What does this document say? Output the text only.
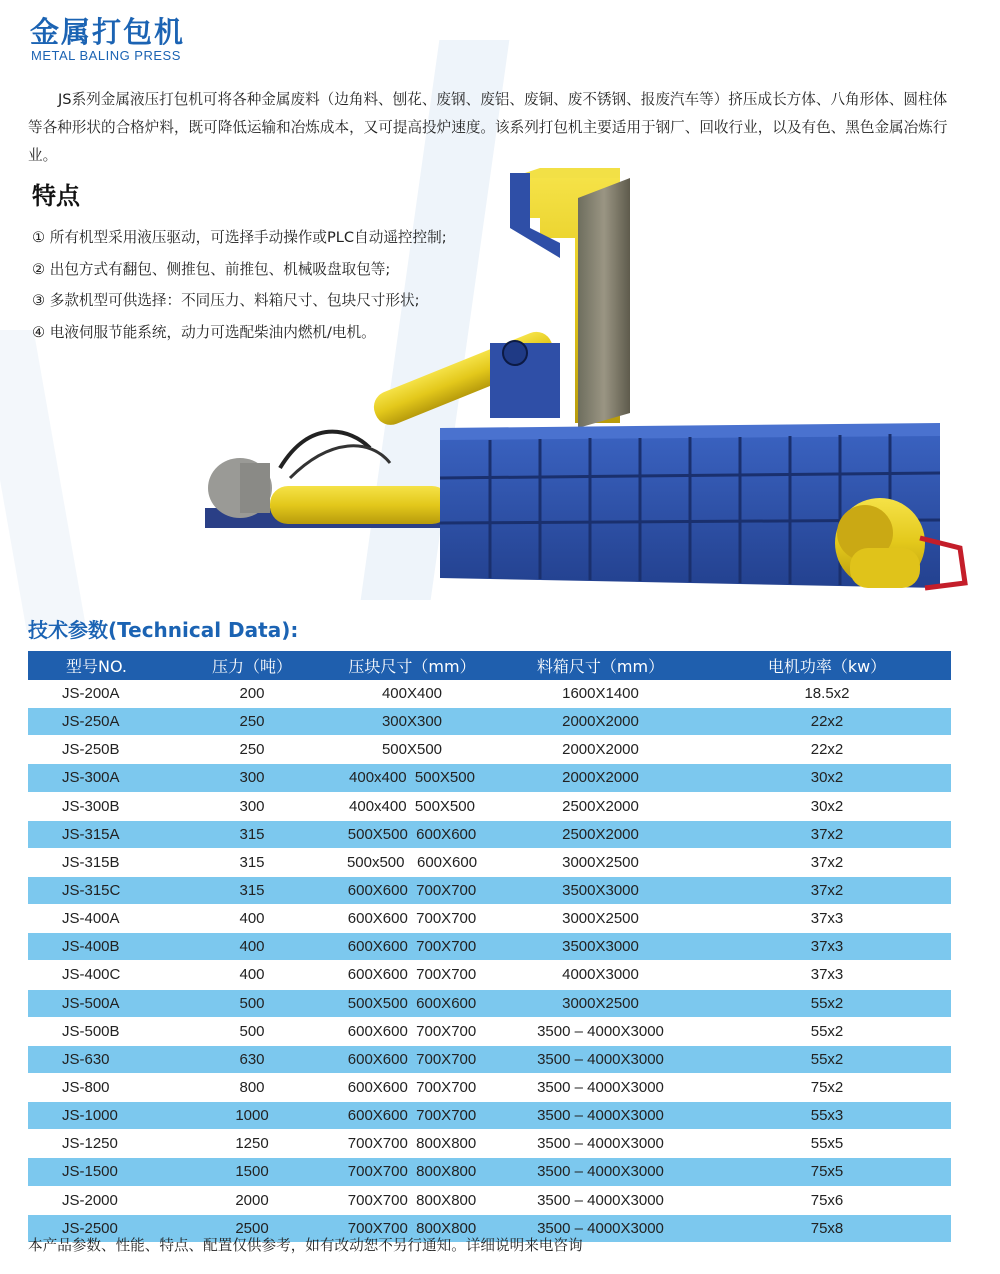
金属打包机
METAL BALING PRESS

JS系列金属液压打包机可将各种金属废料（边角料、刨花、废钢、废铝、废铜、废不锈钢、报废汽车等）挤压成长方体、八角形体、圆柱体等各种形状的合格炉料，既可降低运输和冶炼成本，又可提高投炉速度。该系列打包机主要适用于钢厂、回收行业，以及有色、黑色金属冶炼行业。

特点
① 所有机型采用液压驱动，可选择手动操作或PLC自动遥控控制;
② 出包方式有翻包、侧推包、前推包、机械吸盘取包等;
③ 多款机型可供选择：不同压力、料箱尺寸、包块尺寸形状;
④ 电液伺服节能系统，动力可选配柴油内燃机/电机。
技术参数(Technical Data):
型号NO.	压力（吨）	压块尺寸（mm）	料箱尺寸（mm）	电机功率（kw）
JS-200A	200	400X400	1600X1400	18.5x2
JS-250A	250	300X300	2000X2000	22x2
JS-250B	250	500X500	2000X2000	22x2
JS-300A	300	400x400  500X500	2000X2000	30x2
JS-300B	300	400x400  500X500	2500X2000	30x2
JS-315A	315	500X500  600X600	2500X2000	37x2
JS-315B	315	500x500   600X600	3000X2500	37x2
JS-315C	315	600X600  700X700	3500X3000	37x2
JS-400A	400	600X600  700X700	3000X2500	37x3
JS-400B	400	600X600  700X700	3500X3000	37x3
JS-400C	400	600X600  700X700	4000X3000	37x3
JS-500A	500	500X500  600X600	3000X2500	55x2
JS-500B	500	600X600  700X700	3500 – 4000X3000	55x2
JS-630	630	600X600  700X700	3500 – 4000X3000	55x2
JS-800	800	600X600  700X700	3500 – 4000X3000	75x2
JS-1000	1000	600X600  700X700	3500 – 4000X3000	55x3
JS-1250	1250	700X700  800X800	3500 – 4000X3000	55x5
JS-1500	1500	700X700  800X800	3500 – 4000X3000	75x5
JS-2000	2000	700X700  800X800	3500 – 4000X3000	75x6
JS-2500	2500	700X700  800X800	3500 – 4000X3000	75x8
本产品参数、性能、特点、配置仅供参考，如有改动恕不另行通知。详细说明来电咨询
